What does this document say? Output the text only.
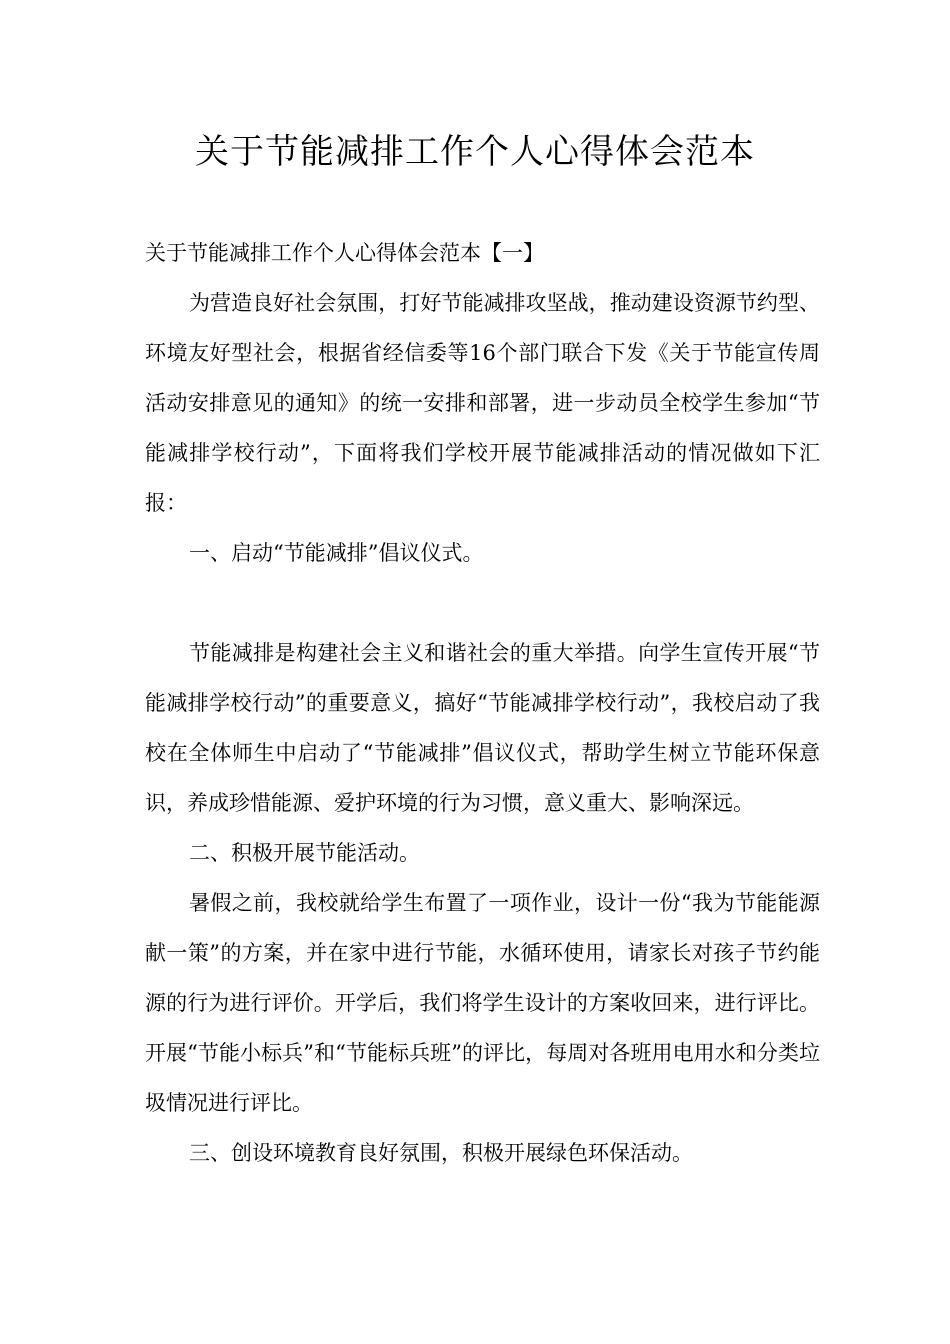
关于节能减排工作个人心得体会范本

关于节能减排工作个人心得体会范本【一】

为营造良好社会氛围，打好节能减排攻坚战，推动建设资源节约型、环境友好型社会，根据省经信委等16个部门联合下发《关于节能宣传周活动安排意见的通知》的统一安排和部署，进一步动员全校学生参加“节能减排学校行动”，下面将我们学校开展节能减排活动的情况做如下汇报：

一、启动“节能减排”倡议仪式。

节能减排是构建社会主义和谐社会的重大举措。向学生宣传开展“节能减排学校行动”的重要意义，搞好“节能减排学校行动”，我校启动了我校在全体师生中启动了“节能减排”倡议仪式，帮助学生树立节能环保意识，养成珍惜能源、爱护环境的行为习惯，意义重大、影响深远。

二、积极开展节能活动。

暑假之前，我校就给学生布置了一项作业，设计一份“我为节能能源献一策”的方案，并在家中进行节能，水循环使用，请家长对孩子节约能源的行为进行评价。开学后，我们将学生设计的方案收回来，进行评比。开展“节能小标兵”和“节能标兵班”的评比，每周对各班用电用水和分类垃圾情况进行评比。

三、创设环境教育良好氛围，积极开展绿色环保活动。
